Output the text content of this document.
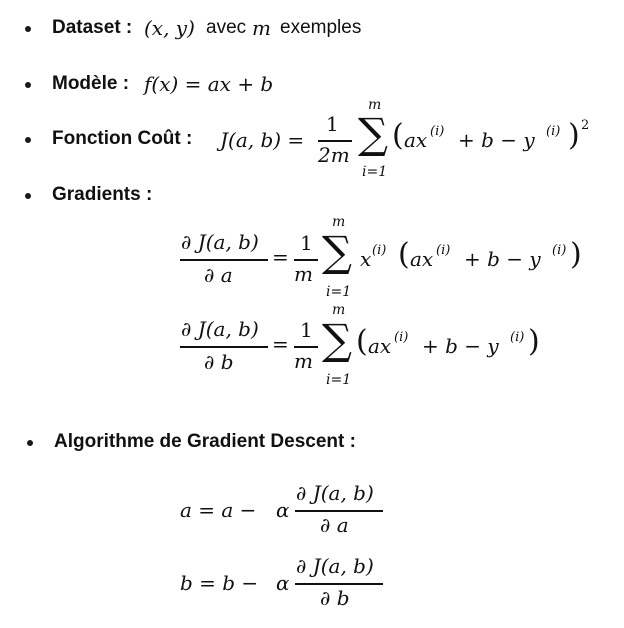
Dataset : (x, y) avec m exemples
Modèle : f(x) = ax + b
Fonction Coût : J(a, b) =
1
2m
m
∑
i=1
( ax (i) + b − y (i) ) 2
Gradients :
∂ J(a, b)
∂ a
=
1
m
m
∑
i=1
x (i) ( ax (i) + b − y (i) )
∂ J(a, b)
∂ b
=
1
m
m
∑
i=1
( ax (i) + b − y (i) )
Algorithme de Gradient Descent :
a = a − α
∂ J(a, b)
∂ a
b = b − α
∂ J(a, b)
∂ b
